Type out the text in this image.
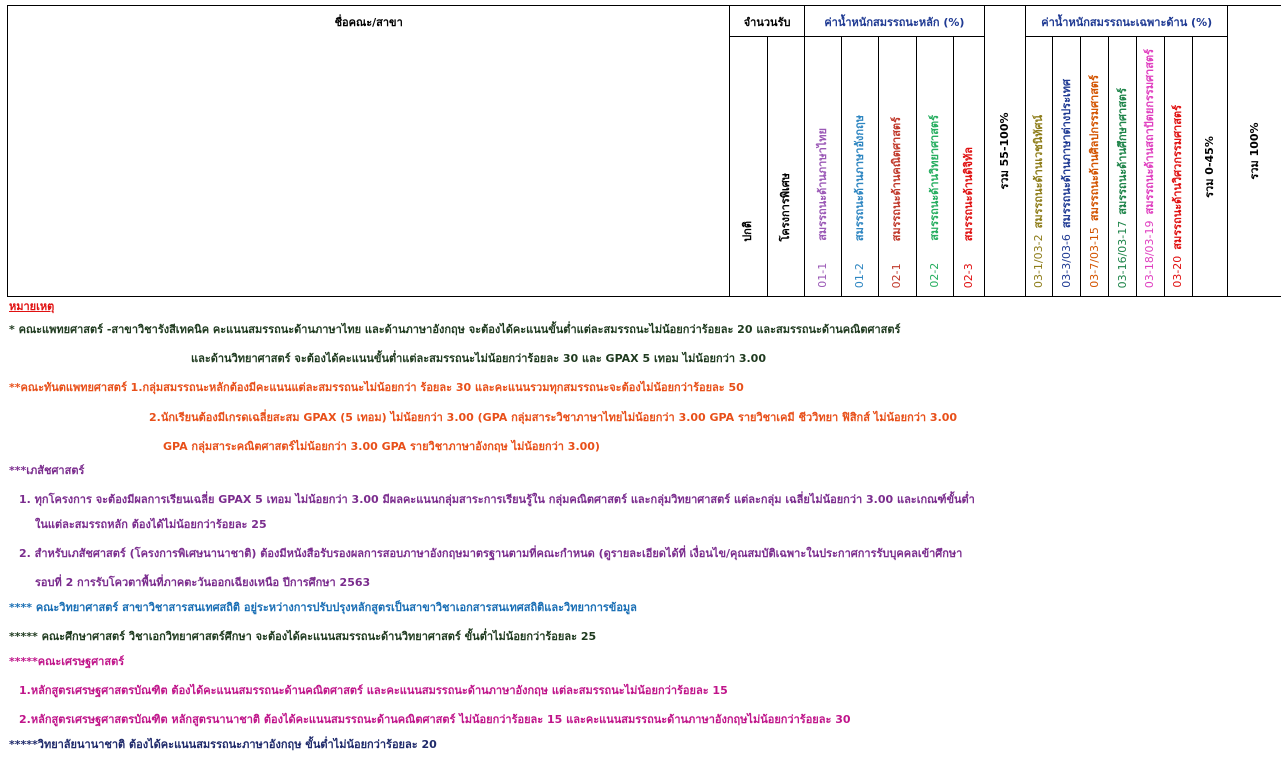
ชื่อคณะ/สาขา	จำนวนรับ		ค่าน้ำหนักสมรรถนะหลัก (%)					รวม 55-100%	ค่าน้ำหนักสมรรถนะเฉพาะด้าน (%)							รวม 100%

	ปกติ	โครงการพิเศษ	01-1สมรรถนะด้านภาษาไทย	01-2สมรรถนะด้านภาษาอังกฤษ	02-1สมรรถนะด้านคณิตศาสตร์	02-2สมรรถนะด้านวิทยาศาสตร์	02-3สมรรถนะด้านดิจิทัล		03-1/03-2สมรรถนะด้านเวชนิทัศน์	03-3/03-6สมรรถนะด้านภาษาต่างประเทศ	03-7/03-15สมรรถนะด้านศิลปกรรมศาสตร์	03-16/03-17สมรรถนะด้านศึกษาศาสตร์	03-18/03-19สมรรถนะด้านสถาปัตยกรรมศาสตร์	03-20สมรรถนะด้านวิศวกรรมศาสตร์	รวม 0-45%	
หมายเหตุ
* คณะแพทยศาสตร์ -สาขาวิชารังสีเทคนิค คะแนนสมรรถนะด้านภาษาไทย และด้านภาษาอังกฤษ จะต้องได้คะแนนขั้นต่ำแต่ละสมรรถนะไม่น้อยกว่าร้อยละ 20 และสมรรถนะด้านคณิตศาสตร์
และด้านวิทยาศาสตร์ จะต้องได้คะแนนขั้นต่ำแต่ละสมรรถนะไม่น้อยกว่าร้อยละ 30 และ GPAX 5 เทอม ไม่น้อยกว่า 3.00
**คณะทันตแพทยศาสตร์ 1.กลุ่มสมรรถนะหลักต้องมีคะแนนแต่ละสมรรถนะไม่น้อยกว่า ร้อยละ 30 และคะแนนรวมทุกสมรรถนะจะต้องไม่น้อยกว่าร้อยละ 50
2.นักเรียนต้องมีเกรดเฉลี่ยสะสม GPAX (5 เทอม) ไม่น้อยกว่า 3.00 (GPA กลุ่มสาระวิชาภาษาไทยไม่น้อยกว่า 3.00 GPA รายวิชาเคมี ชีววิทยา ฟิสิกส์ ไม่น้อยกว่า 3.00
GPA กลุ่มสาระคณิตศาสตร์ไม่น้อยกว่า 3.00 GPA รายวิชาภาษาอังกฤษ ไม่น้อยกว่า 3.00)
***เภสัชศาสตร์
1. ทุกโครงการ จะต้องมีผลการเรียนเฉลี่ย GPAX 5 เทอม ไม่น้อยกว่า 3.00 มีผลคะแนนกลุ่มสาระการเรียนรู้ใน กลุ่มคณิตศาสตร์ และกลุ่มวิทยาศาสตร์ แต่ละกลุ่ม เฉลี่ยไม่น้อยกว่า 3.00 และเกณฑ์ขั้นต่ำ
ในแต่ละสมรรถหลัก ต้องได้ไม่น้อยกว่าร้อยละ 25
2. สำหรับเภสัชศาสตร์ (โครงการพิเศษนานาชาติ) ต้องมีหนังสือรับรองผลการสอบภาษาอังกฤษมาตรฐานตามที่คณะกำหนด (ดูรายละเอียดได้ที่ เงื่อนไข/คุณสมบัติเฉพาะในประกาศการรับบุคคลเข้าศึกษา
รอบที่ 2 การรับโควตาพื้นที่ภาคตะวันออกเฉียงเหนือ ปีการศึกษา 2563
**** คณะวิทยาศาสตร์ สาขาวิชาสารสนเทศสถิติ อยู่ระหว่างการปรับปรุงหลักสูตรเป็นสาขาวิชาเอกสารสนเทศสถิติและวิทยาการข้อมูล
***** คณะศึกษาศาสตร์ วิชาเอกวิทยาศาสตร์ศึกษา จะต้องได้คะแนนสมรรถนะด้านวิทยาศาสตร์ ขั้นต่ำไม่น้อยกว่าร้อยละ 25
*****คณะเศรษฐศาสตร์
1.หลักสูตรเศรษฐศาสตรบัณฑิต ต้องได้คะแนนสมรรถนะด้านคณิตศาสตร์ และคะแนนสมรรถนะด้านภาษาอังกฤษ แต่ละสมรรถนะไม่น้อยกว่าร้อยละ 15
2.หลักสูตรเศรษฐศาสตรบัณฑิต หลักสูตรนานาชาติ ต้องได้คะแนนสมรรถนะด้านคณิตศาสตร์ ไม่น้อยกว่าร้อยละ 15 และคะแนนสมรรถนะด้านภาษาอังกฤษไม่น้อยกว่าร้อยละ 30
*****วิทยาลัยนานาชาติ ต้องได้คะแนนสมรรถนะภาษาอังกฤษ ขั้นต่ำไม่น้อยกว่าร้อยละ 20
